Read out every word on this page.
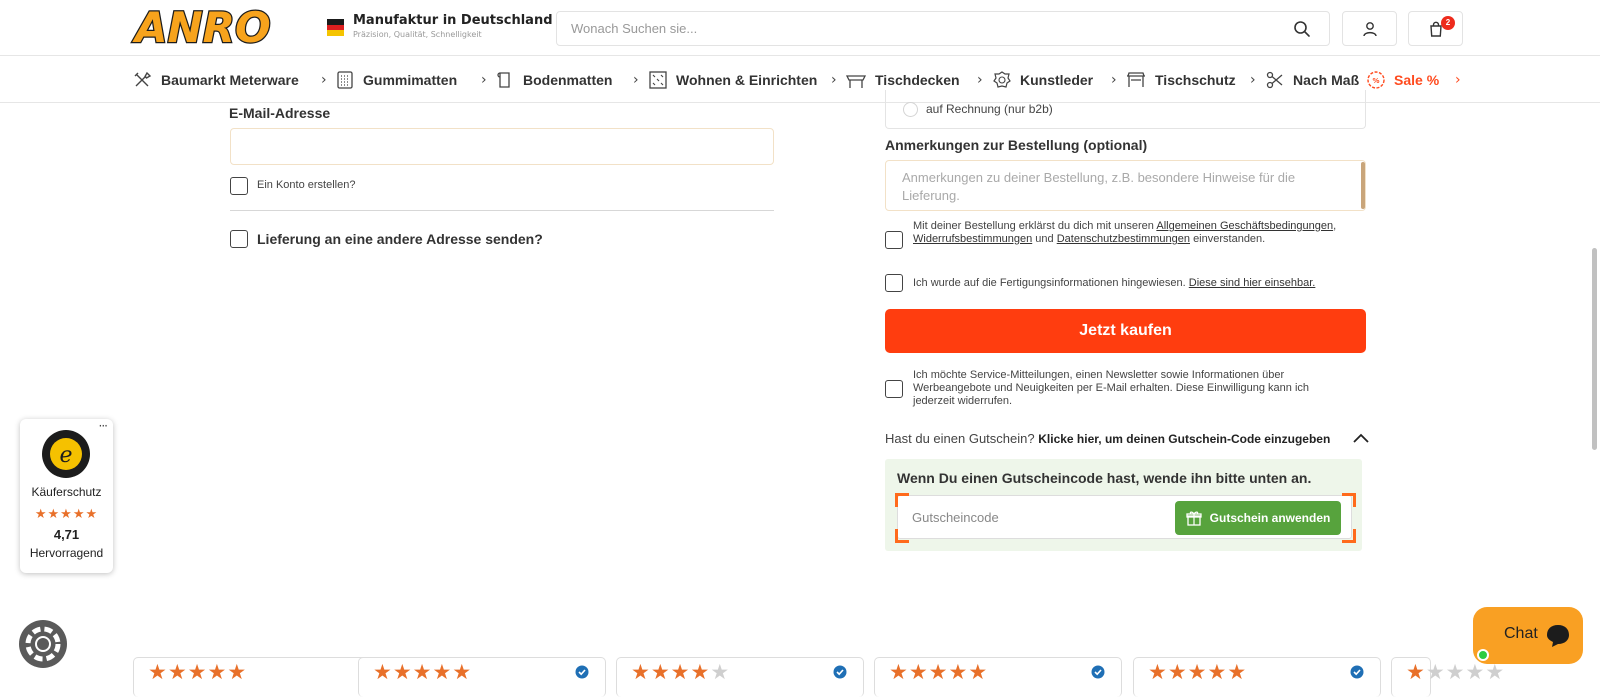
ANRO	Manufaktur in Deutschland
Präzision, Qualität, Schnelligkeit
Wonach Suchen sie...
2
Baumarkt Meterware ›	Gummimatten ›	Bodenmatten ›	Wohnen & Einrichten ›	Tischdecken ›	Kunstleder ›	Tischschutz ›	Nach Maß % Sale % ›
E-Mail-Adresse
Ein Konto erstellen?
Lieferung an eine andere Adresse senden?
auf Rechnung (nur b2b)
Anmerkungen zur Bestellung (optional)
Anmerkungen zu deiner Bestellung, z.B. besondere Hinweise für die Lieferung.
Mit deiner Bestellung erklärst du dich mit unseren Allgemeinen Geschäftsbedingungen, Widerrufsbestimmungen und Datenschutzbestimmungen einverstanden.
Ich wurde auf die Fertigungsinformationen hingewiesen. Diese sind hier einsehbar.
Jetzt kaufen
Ich möchte Service-Mitteilungen, einen Newsletter sowie Informationen über Werbeangebote und Neuigkeiten per E-Mail erhalten. Diese Einwilligung kann ich jederzeit widerrufen.
Hast du einen Gutschein? Klicke hier, um deinen Gutschein-Code einzugeben
Wenn Du einen Gutscheincode hast, wende ihn bitte unten an.
Gutscheincode
Gutschein anwenden
···
e
Käuferschutz
★★★★★
4,71
Hervorragend
Chat
★★★★★	★★★★★	★★★★★	★★★★★	★★★★★	★★★★★
